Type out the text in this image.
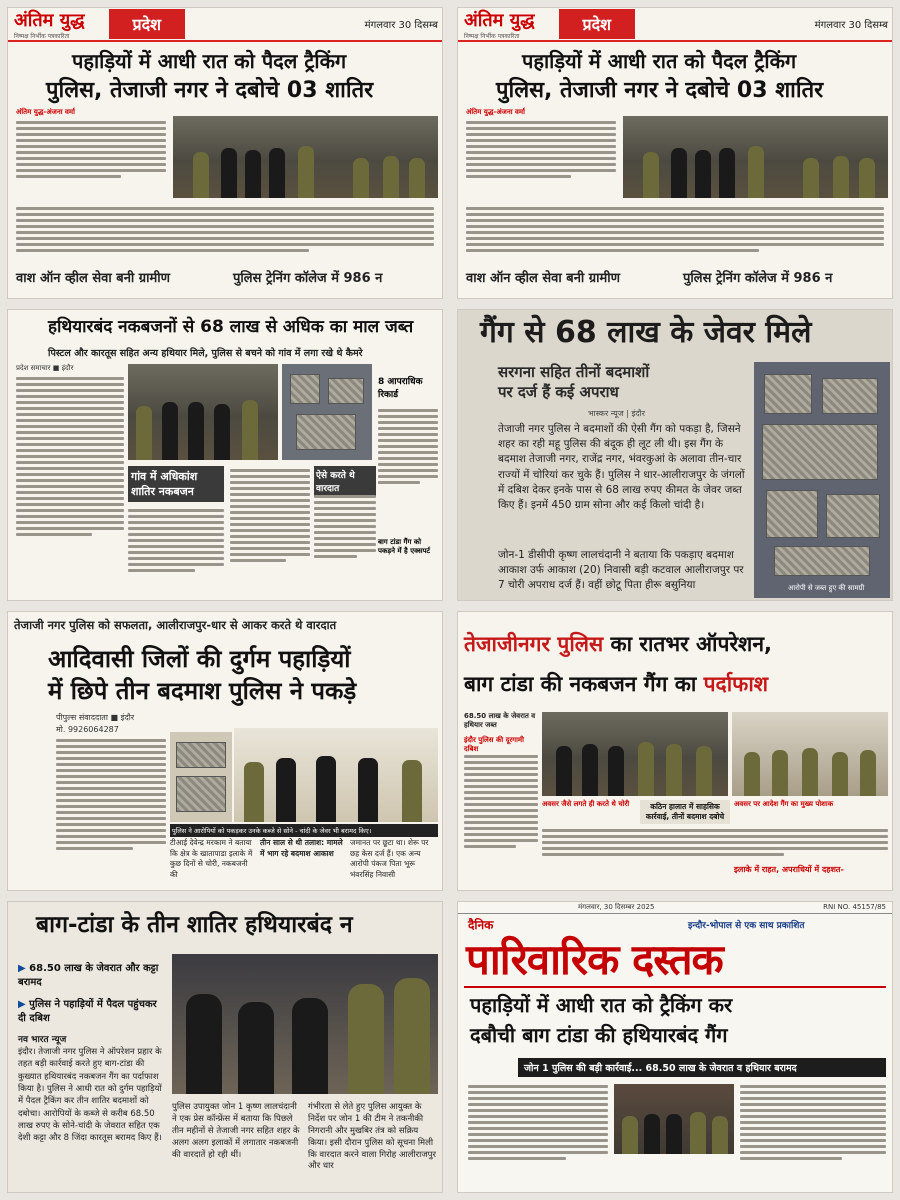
अंतिम युद्ध
निष्पक्ष निर्भीक पत्रकारिता
प्रदेश	मंगलवार 30 दिसम्ब
पहाड़ियों में आधी रात को पैदल ट्रैकिंग
पुलिस, तेजाजी नगर ने दबोचे 03 शातिर
अंतिम युद्ध-अंजना वर्मा
वाश ऑन व्हील सेवा बनी ग्रामीण	पुलिस ट्रेनिंग कॉलेज में 986 न
अंतिम युद्ध
निष्पक्ष निर्भीक पत्रकारिता
प्रदेश	मंगलवार 30 दिसम्ब
पहाड़ियों में आधी रात को पैदल ट्रैकिंग
पुलिस, तेजाजी नगर ने दबोचे 03 शातिर
अंतिम युद्ध-अंजना वर्मा
वाश ऑन व्हील सेवा बनी ग्रामीण	पुलिस ट्रेनिंग कॉलेज में 986 न
हथियारबंद नकबजनों से 68 लाख से अधिक का माल जब्त
पिस्टल और कारतूस सहित अन्य हथियार मिले, पुलिस से बचने को गांव में लगा रखे थे कैमरे
प्रदेश समाचार ■ इंदौर
गांव में अधिकांश शातिर नकबजन
ऐसे करते थे वारदात
8 आपराधिक रिकार्ड
बाग टांडा गैंग को पकड़ने में है एक्सपर्ट
गैंग से 68 लाख के जेवर मिले
सरगना सहित तीनों बदमाशों
पर दर्ज हैं कई अपराध
भास्कर न्यूज | इंदौर
तेजाजी नगर पुलिस ने बदमाशों की ऐसी गैंग को पकड़ा है, जिसने शहर का रही महू पुलिस की बंदूक ही लूट ली थी। इस गैंग के बदमाश तेजाजी नगर, राजेंद्र नगर, भंवरकुआं के अलावा तीन-चार राज्यों में चोरियां कर चुके हैं। पुलिस ने धार-आलीराजपुर के जंगलों में दबिश देकर इनके पास से 68 लाख रुपए कीमत के जेवर जब्त किए हैं। इनमें 450 ग्राम सोना और कई किलो चांदी है।
जोन-1 डीसीपी कृष्ण लालचंदानी ने बताया कि पकड़ाए बदमाश आकाश उर्फ आकाश (20) निवासी बड़ी कटवाल आलीराजपुर पर 7 चोरी अपराध दर्ज हैं। वहीं छोटू पिता हीरू बसुनिया	आरोपी से जब्त हुए की सामग्री
तेजाजी नगर पुलिस को सफलता, आलीराजपुर-धार से आकर करते थे वारदात
आदिवासी जिलों की दुर्गम पहाड़ियों
में छिपे तीन बदमाश पुलिस ने पकड़े
पीपुल्स संवाददाता ■ इंदौर
मो. 9926064287
पुलिस ने आरोपियों को पकड़कर उनके कब्जे से सोने - चांदी के जेवर भी बरामद किए।
टीआई देवेन्द्र मरकाम ने बताया कि क्षेत्र के खातापाडा इलाके में कुछ दिनों से चोरी, नकबजनी की
तीन साल से थी तलाश: मामले में भाग रहे बदमाश आकाश
जमानत पर छूटा था। शेरू पर छह केस दर्ज हैं। एक अन्य आरोपी पंकज पिता भूरू भंवरसिंह निवासी
तेजाजीनगर पुलिस का रातभर ऑपरेशन,
बाग टांडा की नकबजन गैंग का पर्दाफाश
68.50 लाख के जेवरात व हथियार जब्त
इंदौर पुलिस की दूरगामी दबिश
अवसर जैसे लगते ही करते थे चोरी	कठिन हालात में साहसिक कार्रवाई, तीनों बदमाश दबोचे
अवसर पर आदेश गैंग का मुख्य पोशाक
इलाके में राहत, अपराधियों में दहशत-
बाग-टांडा के तीन शातिर हथियारबंद न
▶ 68.50 लाख के जेवरात और कट्टा बरामद
▶ पुलिस ने पहाड़ियों में पैदल पहुंचकर दी दबिश
नव भारत न्यूज
इंदौर। तेजाजी नगर पुलिस ने ऑपरेशन प्रहार के तहत बड़ी कार्रवाई करते हुए बाग-टांडा की कुख्यात हथियारबंद नकबजन गैंग का पर्दाफाश किया है। पुलिस ने आधी रात को दुर्गम पहाड़ियों में पैदल ट्रैकिंग कर तीन शातिर बदमाशों को दबोचा। आरोपियों के कब्जे से करीब 68.50 लाख रुपए के सोने-चांदी के जेवरात सहित एक देशी कट्टा और 8 जिंदा कारतूस बरामद किए हैं।
पुलिस उपायुक्त जोन 1 कृष्ण लालचंदानी ने एक प्रेस कॉन्फ्रेंस में बताया कि पिछले तीन महीनों से तेजाजी नगर सहित शहर के अलग अलग इलाकों में लगातार नकबजनी की वारदातें हो रही थीं।
गंभीरता से लेते हुए पुलिस आयुक्त के निर्देश पर जोन 1 की टीम ने तकनीकी निगरानी और मुखबिर तंत्र को सक्रिय किया। इसी दौरान पुलिस को सूचना मिली कि वारदात करने वाला गिरोह आलीराजपुर और धार
मंगलवार, 30 दिसम्बर 2025	RNI NO. 45157/85
दैनिक	इन्दौर-भोपाल से एक साथ प्रकाशित
पारिवारिक दस्तक
पहाड़ियों में आधी रात को ट्रैकिंग कर
दबौची बाग टांडा की हथियारबंद गैंग
जोन 1 पुलिस की बड़ी कार्रवाई... 68.50 लाख के जेवरात व हथियार बरामद
